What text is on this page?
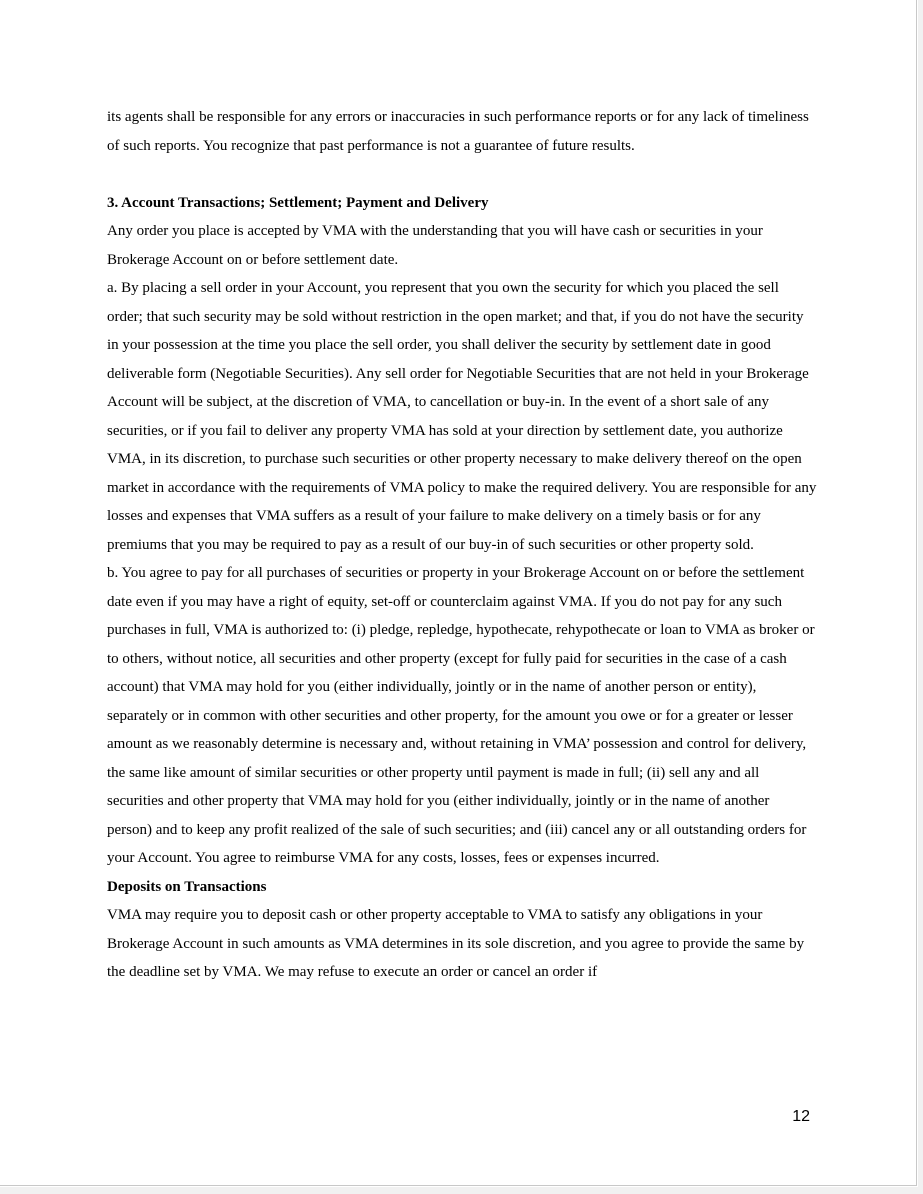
its agents shall be responsible for any errors or inaccuracies in such performance reports or for any lack of timeliness of such reports. You recognize that past performance is not a guarantee of future results.

3. Account Transactions; Settlement; Payment and Delivery

Any order you place is accepted by VMA with the understanding that you will have cash or securities in your Brokerage Account on or before settlement date.

a. By placing a sell order in your Account, you represent that you own the security for which you placed the sell order; that such security may be sold without restriction in the open market; and that, if you do not have the security in your possession at the time you place the sell order, you shall deliver the security by settlement date in good deliverable form (Negotiable Securities). Any sell order for Negotiable Securities that are not held in your Brokerage Account will be subject, at the discretion of VMA, to cancellation or buy-in. In the event of a short sale of any securities, or if you fail to deliver any property VMA has sold at your direction by settlement date, you authorize VMA, in its discretion, to purchase such securities or other property necessary to make delivery thereof on the open market in accordance with the requirements of VMA policy to make the required delivery. You are responsible for any losses and expenses that VMA suffers as a result of your failure to make delivery on a timely basis or for any premiums that you may be required to pay as a result of our buy-in of such securities or other property sold.

b. You agree to pay for all purchases of securities or property in your Brokerage Account on or before the settlement date even if you may have a right of equity, set-off or counterclaim against VMA. If you do not pay for any such purchases in full, VMA is authorized to: (i) pledge, repledge, hypothecate, rehypothecate or loan to VMA as broker or to others, without notice, all securities and other property (except for fully paid for securities in the case of a cash account) that VMA may hold for you (either individually, jointly or in the name of another person or entity), separately or in common with other securities and other property, for the amount you owe or for a greater or lesser amount as we reasonably determine is necessary and, without retaining in VMA’ possession and control for delivery, the same like amount of similar securities or other property until payment is made in full; (ii) sell any and all securities and other property that VMA may hold for you (either individually, jointly or in the name of another person) and to keep any profit realized of the sale of such securities; and (iii) cancel any or all outstanding orders for your Account. You agree to reimburse VMA for any costs, losses, fees or expenses incurred.

Deposits on Transactions

VMA may require you to deposit cash or other property acceptable to VMA to satisfy any obligations in your Brokerage Account in such amounts as VMA determines in its sole discretion, and you agree to provide the same by the deadline set by VMA. We may refuse to execute an order or cancel an order if

12
